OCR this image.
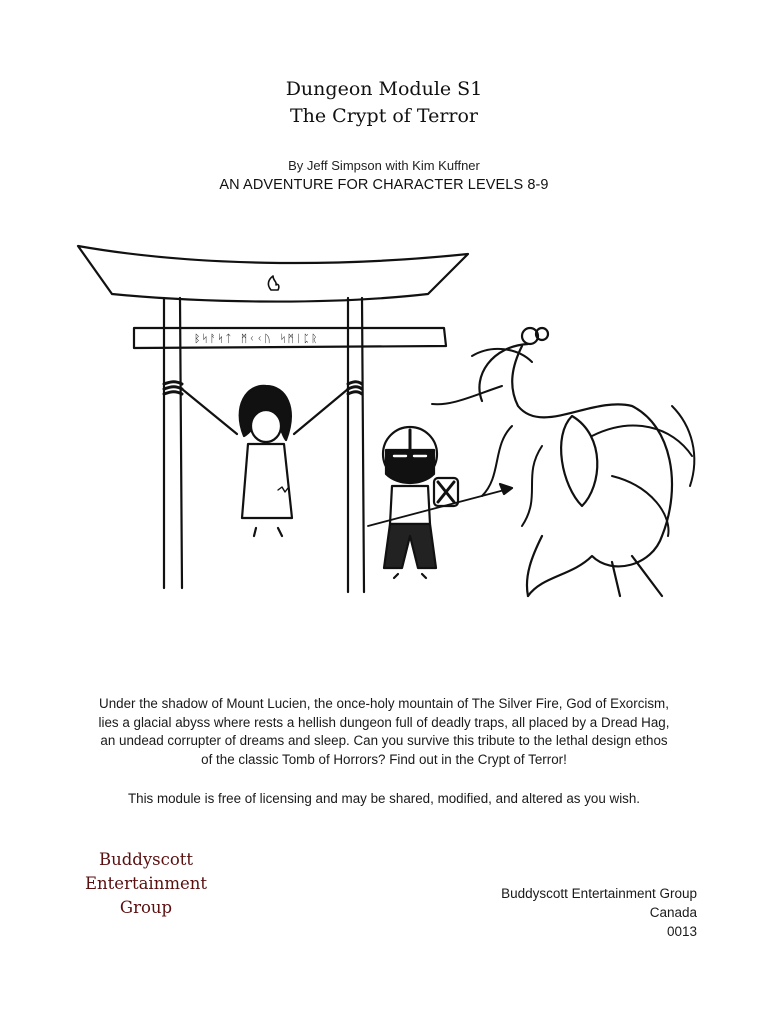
Dungeon Module S1
The Crypt of Terror
By Jeff Simpson with Kim Kuffner
AN ADVENTURE FOR CHARACTER LEVELS 8-9
ᛒᛋᚨᛋᛏ ᛗᚲᚲᚢ ᛋᛗᛁᛈᚱ
Under the shadow of Mount Lucien, the once-holy mountain of The Silver Fire, God of Exorcism,
lies a glacial abyss where rests a hellish dungeon full of deadly traps, all placed by a Dread Hag,
an undead corrupter of dreams and sleep. Can you survive this tribute to the lethal design ethos
of the classic Tomb of Horrors? Find out in the Crypt of Terror!
This module is free of licensing and may be shared, modified, and altered as you wish.
Buddyscott
Entertainment
Group
Buddyscott Entertainment Group
Canada
0013
